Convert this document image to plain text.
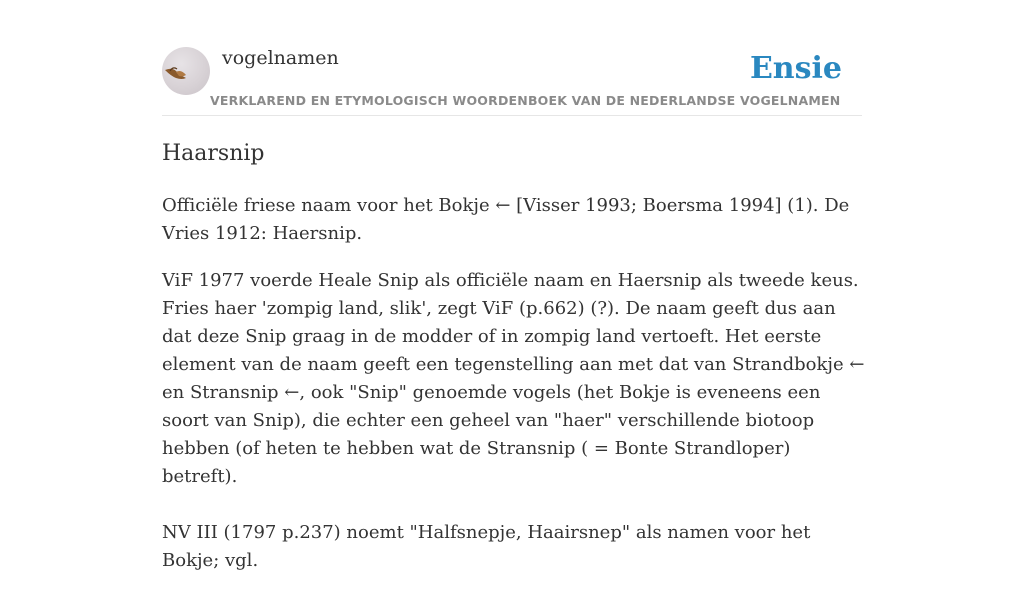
vogelnamen
VERKLAREND EN ETYMOLOGISCH WOORDENBOEK VAN DE NEDERLANDSE VOGELNAMEN
Ensie
Haarsnip

Officiële friese naam voor het Bokje ← [Visser 1993; Boersma 1994] (1). De Vries 1912: Haersnip.

ViF 1977 voerde Heale Snip als officiële naam en Haersnip als tweede keus. Fries haer 'zompig land, slik', zegt ViF (p.662) (?). De naam geeft dus aan dat deze Snip graag in de modder of in zompig land vertoeft. Het eerste element van de naam geeft een tegenstelling aan met dat van Strandbokje ← en Stransnip ←, ook "Snip" genoemde vogels (het Bokje is eveneens een soort van Snip), die echter een geheel van "haer" verschillende biotoop hebben (of heten te hebben wat de Stransnip ( = Bonte Strandloper) betreft).

NV III (1797 p.237) noemt "Halfsnepje, Haairsnep" als namen voor het Bokje; vgl.
